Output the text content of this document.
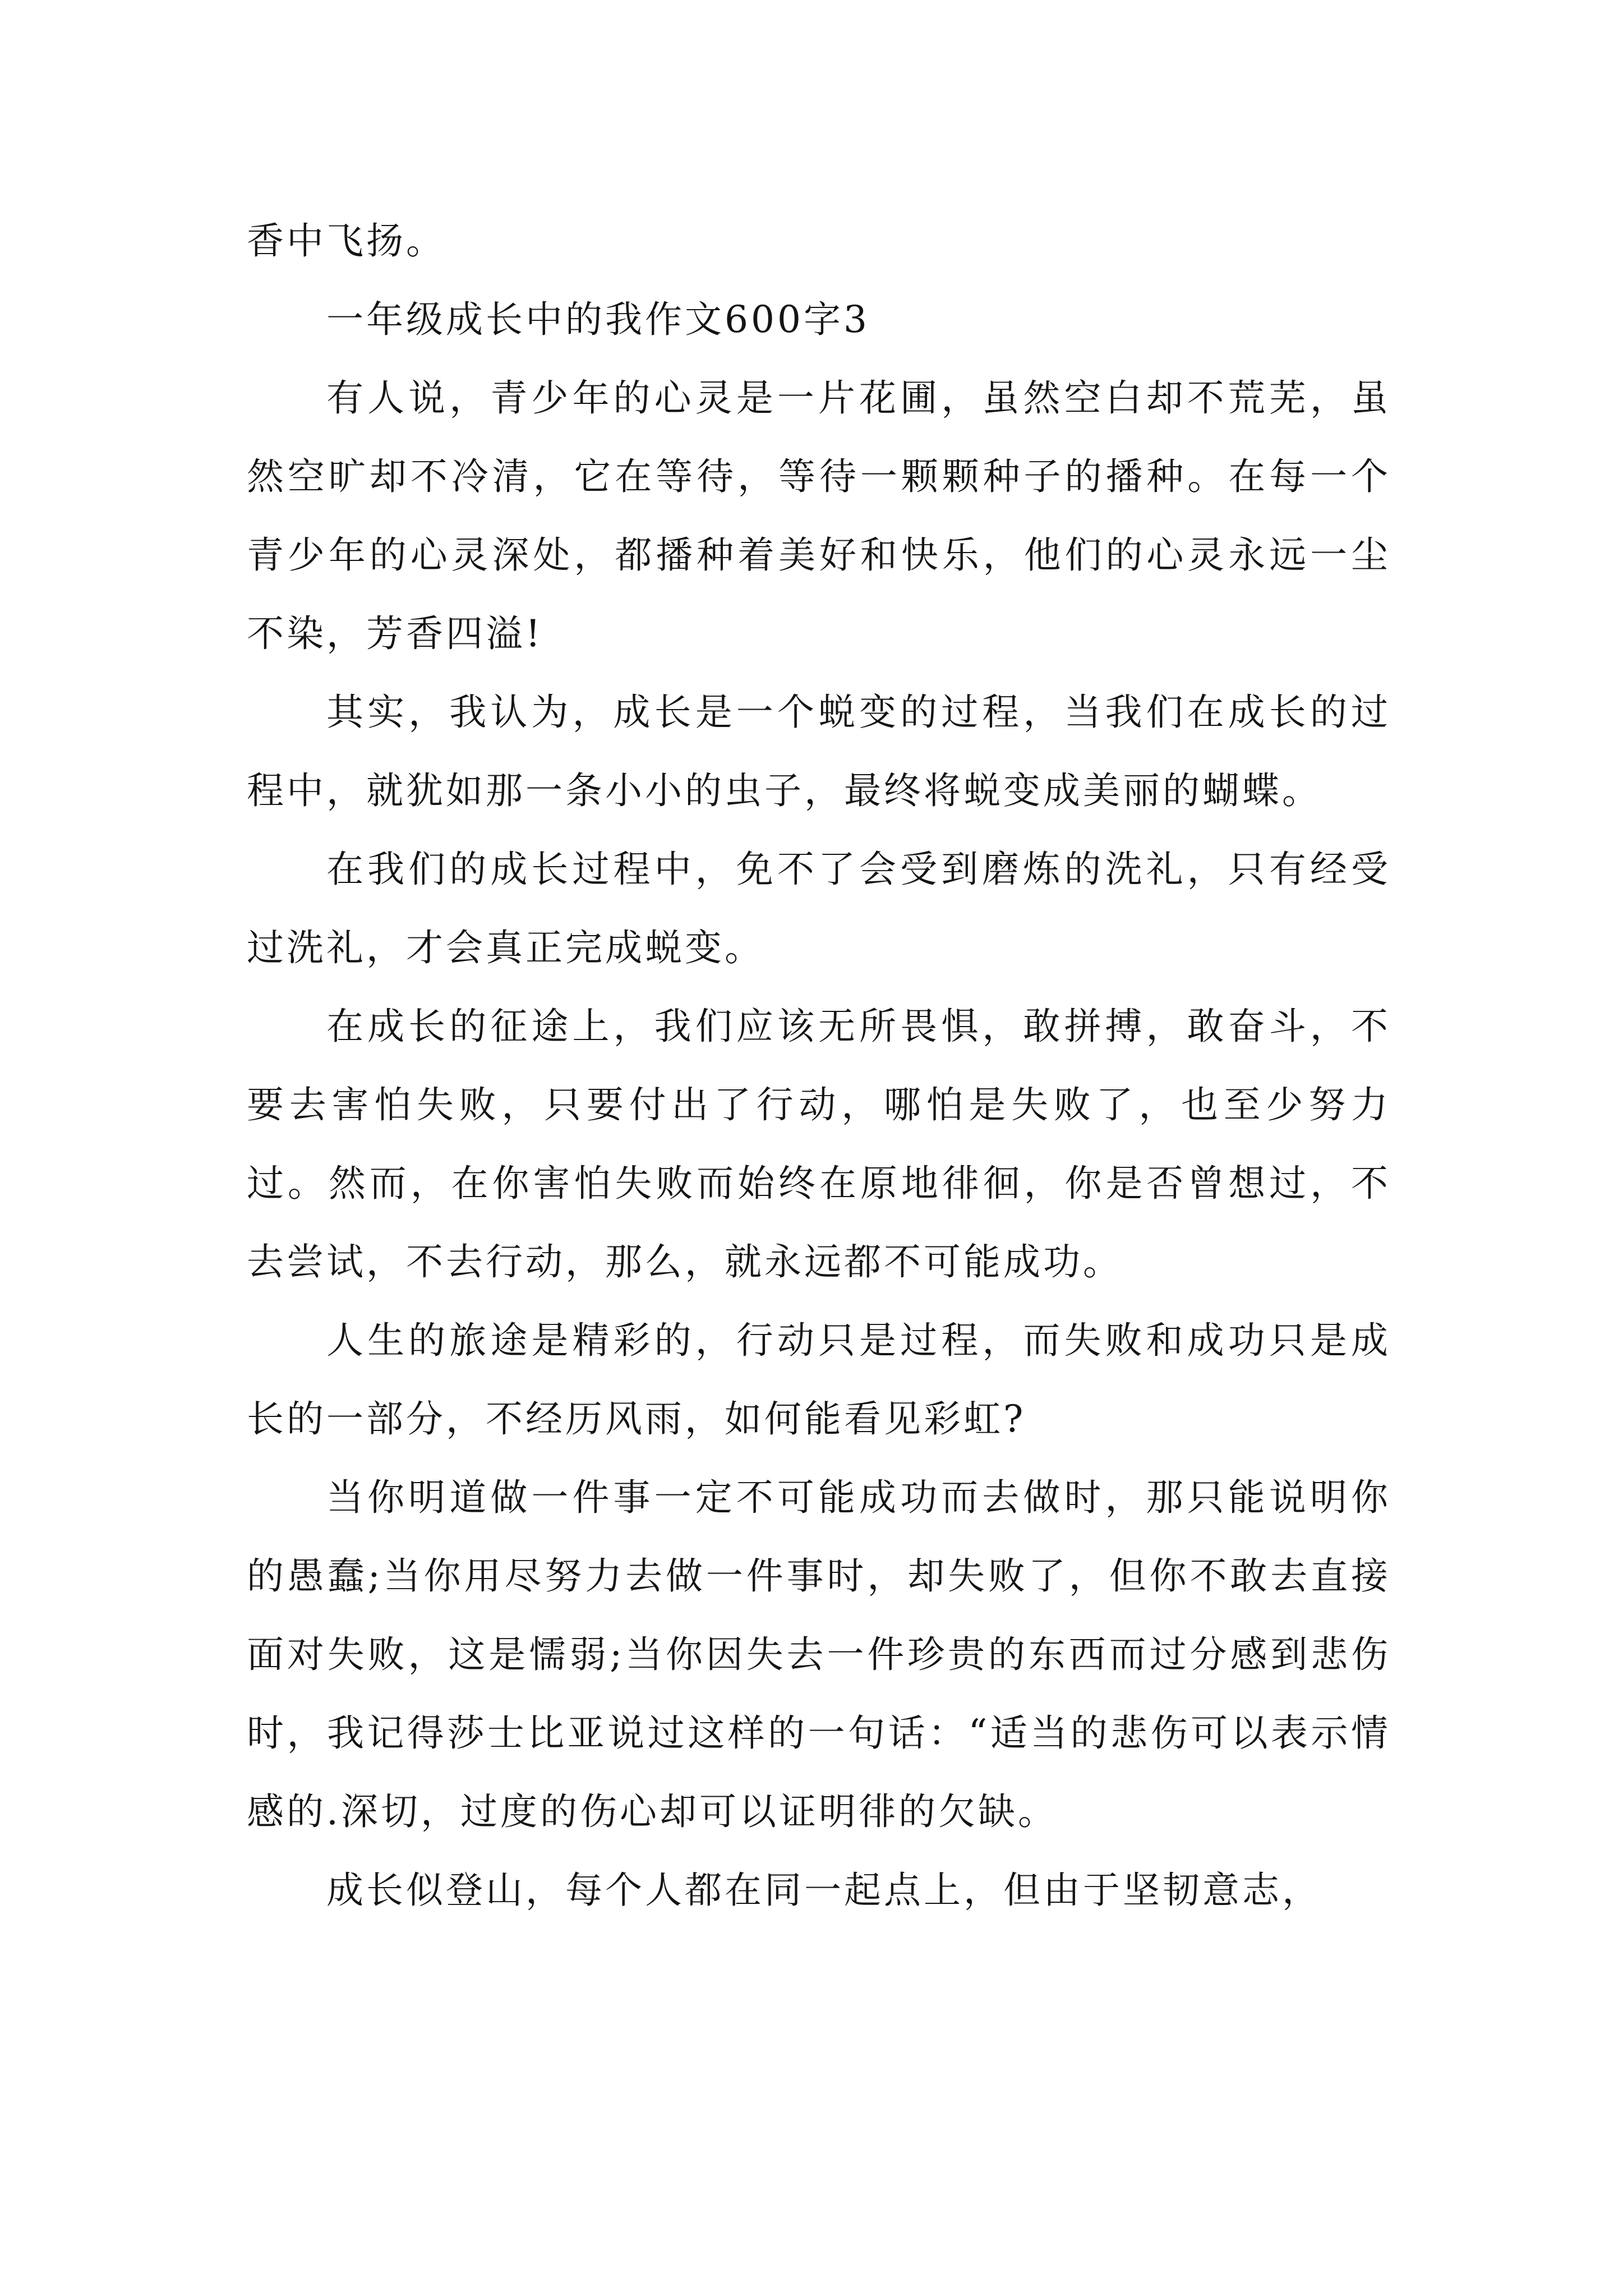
香中飞扬。

一年级成长中的我作文600字3

有人说，青少年的心灵是一片花圃，虽然空白却不荒芜，虽然空旷却不冷清，它在等待，等待一颗颗种子的播种。在每一个青少年的心灵深处，都播种着美好和快乐，他们的心灵永远一尘不染，芳香四溢!

其实，我认为，成长是一个蜕变的过程，当我们在成长的过程中，就犹如那一条小小的虫子，最终将蜕变成美丽的蝴蝶。

在我们的成长过程中，免不了会受到磨炼的洗礼，只有经受过洗礼，才会真正完成蜕变。

在成长的征途上，我们应该无所畏惧，敢拼搏，敢奋斗，不要去害怕失败，只要付出了行动，哪怕是失败了，也至少努力过。然而，在你害怕失败而始终在原地徘徊，你是否曾想过，不去尝试，不去行动，那么，就永远都不可能成功。

人生的旅途是精彩的，行动只是过程，而失败和成功只是成长的一部分，不经历风雨，如何能看见彩虹?

当你明道做一件事一定不可能成功而去做时，那只能说明你的愚蠢;当你用尽努力去做一件事时，却失败了，但你不敢去直接面对失败，这是懦弱;当你因失去一件珍贵的东西而过分感到悲伤时，我记得莎士比亚说过这样的一句话：“适当的悲伤可以表示情感的.深切，过度的伤心却可以证明徘的欠缺。

成长似登山，每个人都在同一起点上，但由于坚韧意志，
